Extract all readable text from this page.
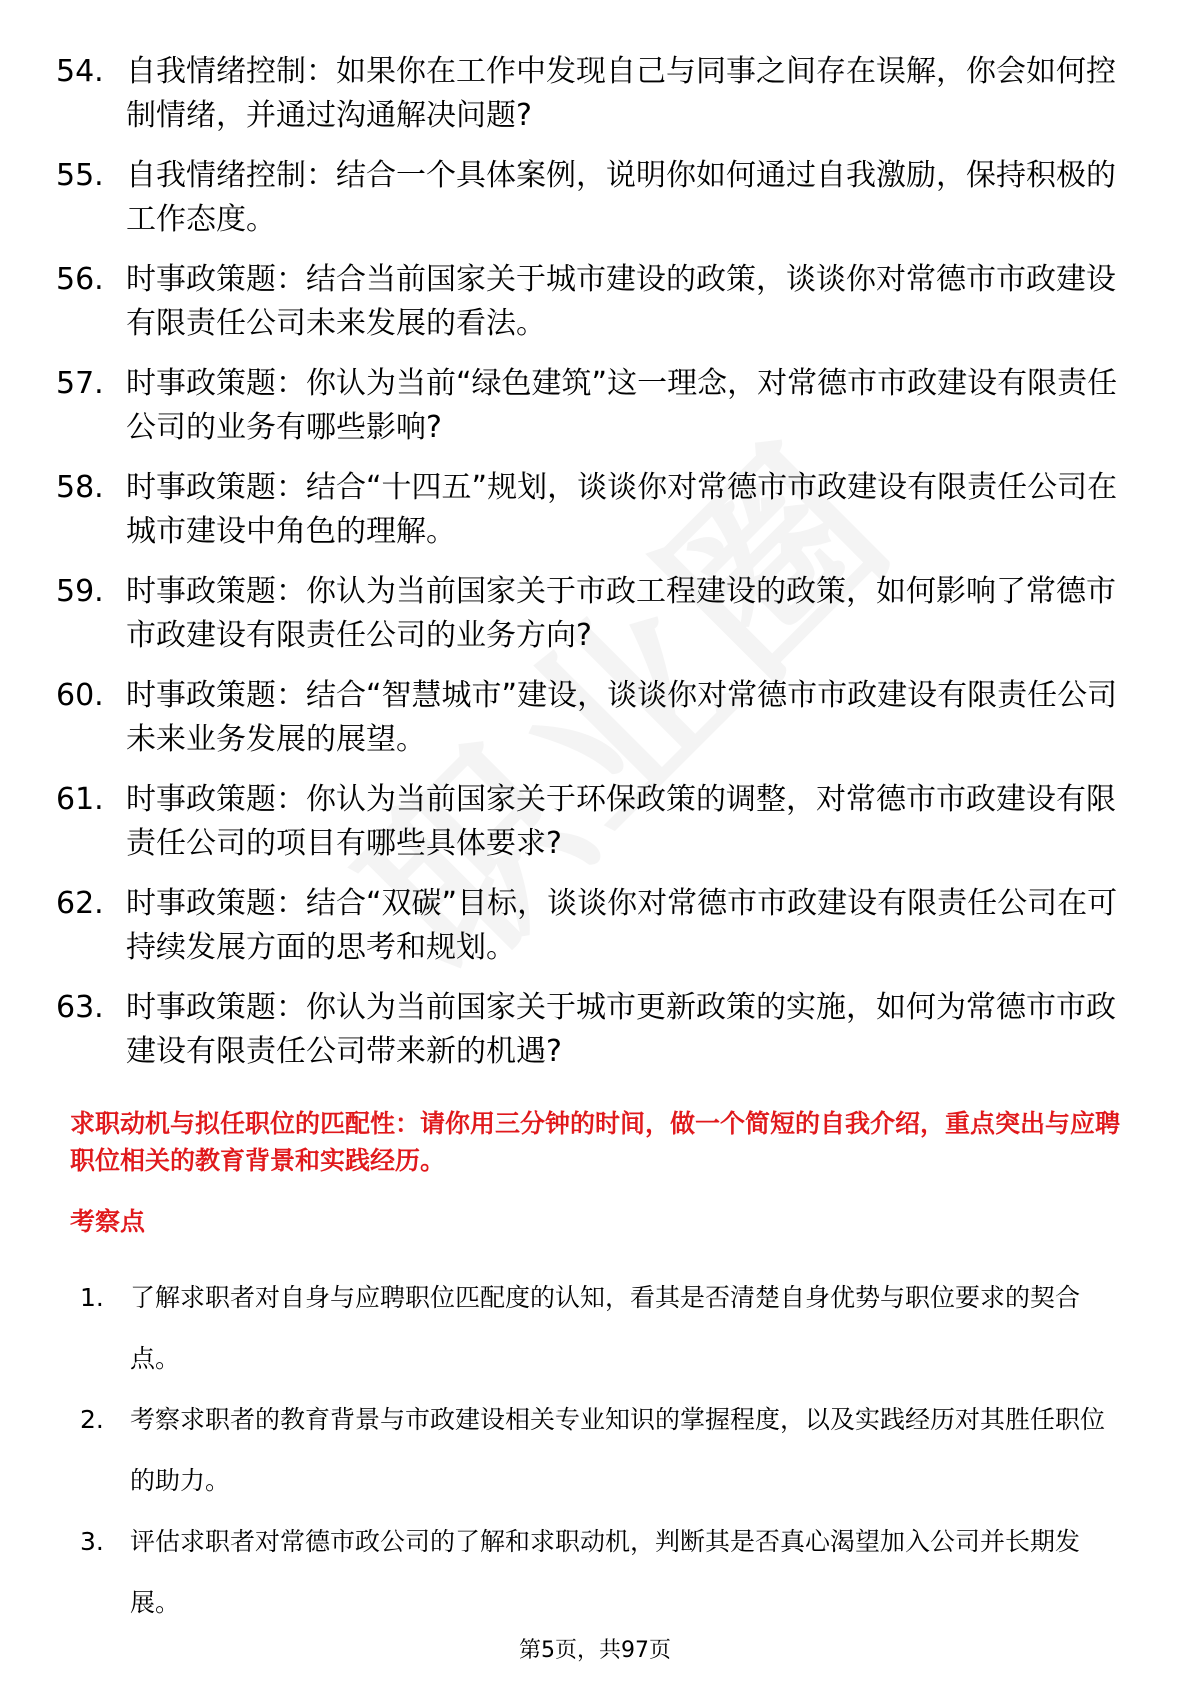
54. 自我情绪控制：如果你在工作中发现自己与同事之间存在误解，你会如何控制情绪，并通过沟通解决问题?
55. 自我情绪控制：结合一个具体案例，说明你如何通过自我激励，保持积极的工作态度。
56. 时事政策题：结合当前国家关于城市建设的政策，谈谈你对常德市市政建设有限责任公司未来发展的看法。
57. 时事政策题：你认为当前“绿色建筑”这一理念，对常德市市政建设有限责任公司的业务有哪些影响?
58. 时事政策题：结合“十四五”规划，谈谈你对常德市市政建设有限责任公司在城市建设中角色的理解。
59. 时事政策题：你认为当前国家关于市政工程建设的政策，如何影响了常德市市政建设有限责任公司的业务方向?
60. 时事政策题：结合“智慧城市”建设，谈谈你对常德市市政建设有限责任公司未来业务发展的展望。
61. 时事政策题：你认为当前国家关于环保政策的调整，对常德市市政建设有限责任公司的项目有哪些具体要求?
62. 时事政策题：结合“双碳”目标，谈谈你对常德市市政建设有限责任公司在可持续发展方面的思考和规划。
63. 时事政策题：你认为当前国家关于城市更新政策的实施，如何为常德市市政建设有限责任公司带来新的机遇?
求职动机与拟任职位的匹配性：请你用三分钟的时间，做一个简短的自我介绍，重点突出与应聘职位相关的教育背景和实践经历。
考察点
1. 了解求职者对自身与应聘职位匹配度的认知，看其是否清楚自身优势与职位要求的契合点。
2. 考察求职者的教育背景与市政建设相关专业知识的掌握程度，以及实践经历对其胜任职位的助力。
3. 评估求职者对常德市政公司的了解和求职动机，判断其是否真心渴望加入公司并长期发展。
第5页，共97页
